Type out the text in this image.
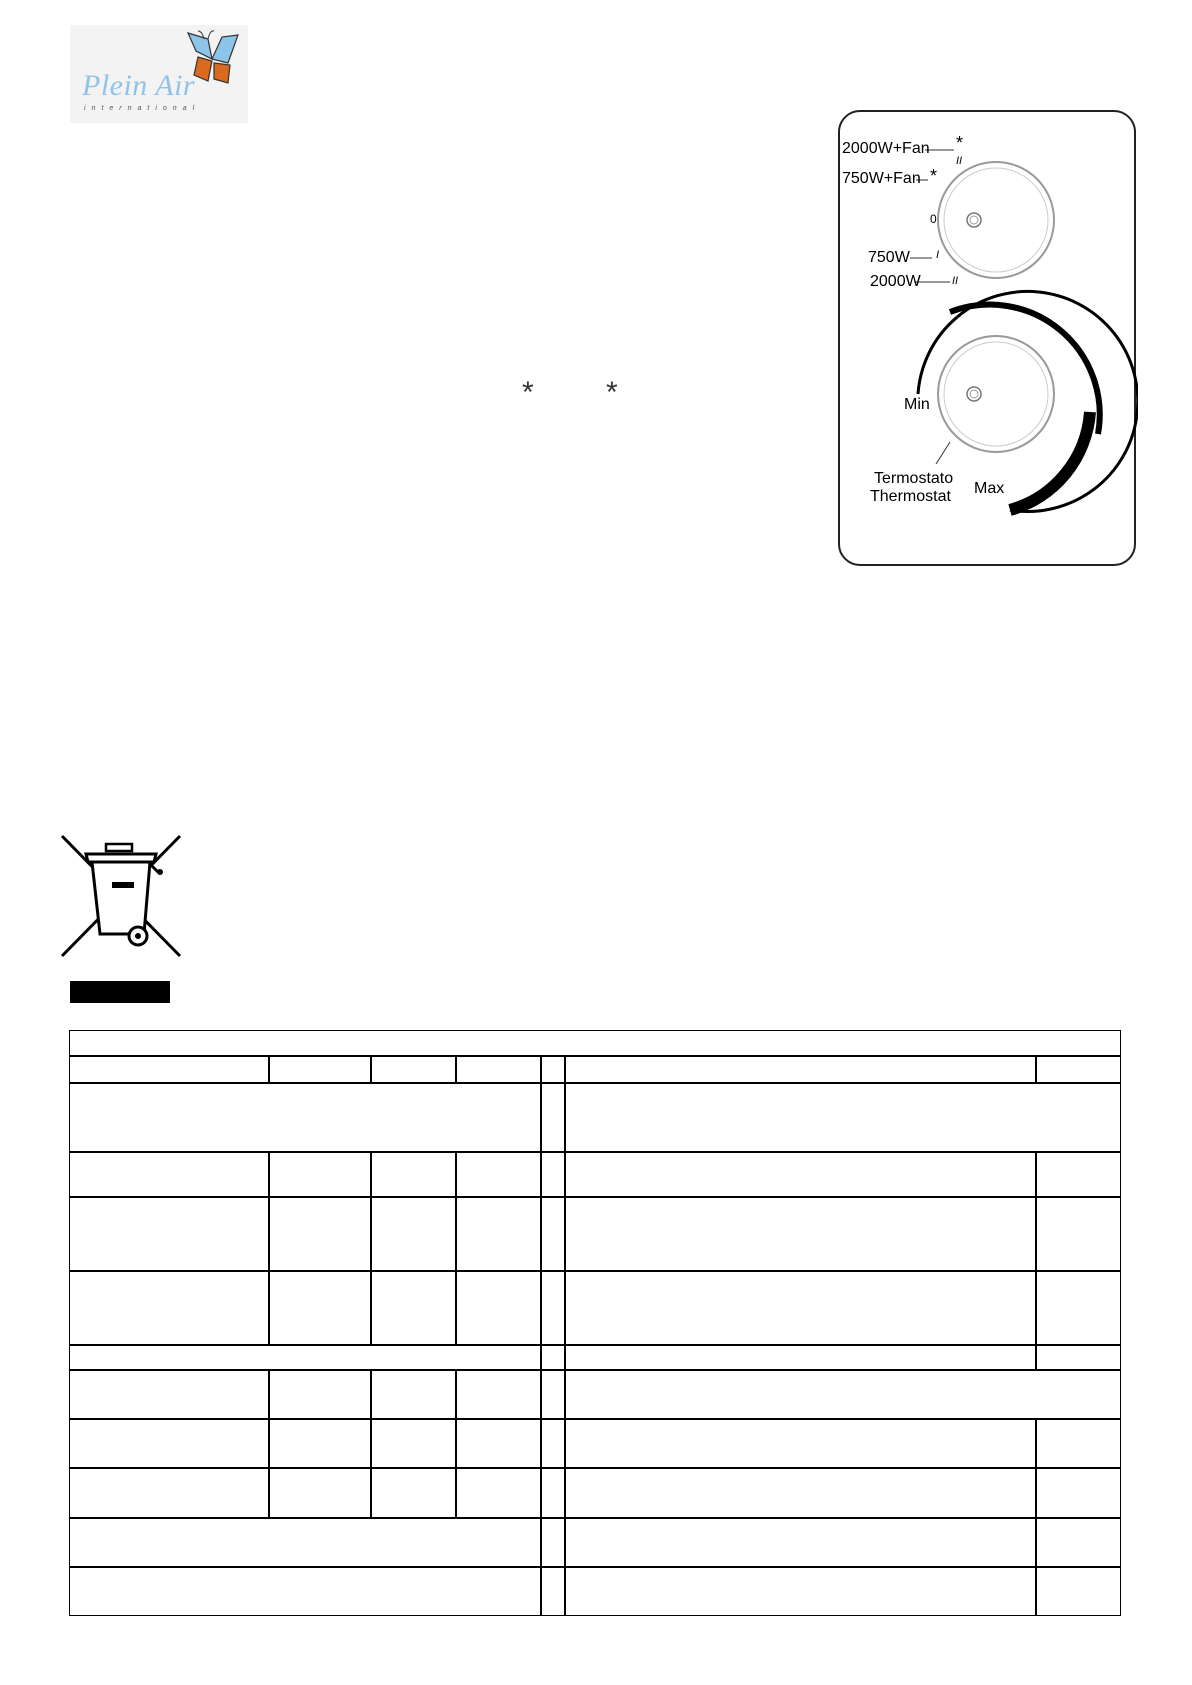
Plein Air
international
2000W+Fan *
II
750W+Fan *
0
750W I
2000W	II
Min
Termostato
Thermostat Max
* *
